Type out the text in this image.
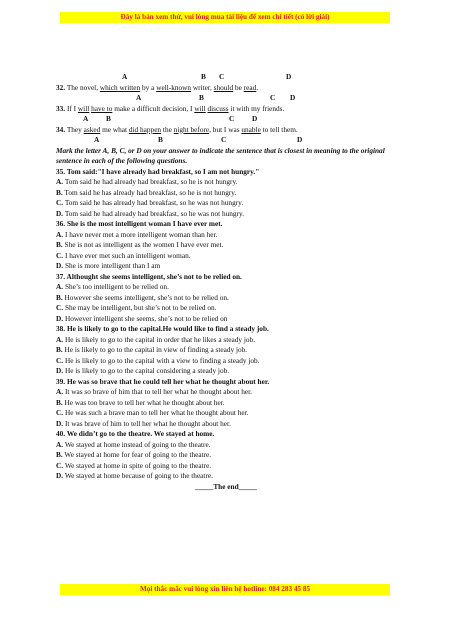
Đây là bản xem thử, vui lòng mua tài liệu để xem chi tiết (có lời giải)
A	B C	D
32. The novel, which written by a well-known writer, should be read.
A	B	C D
33. If I will have to make a difficult decision, I will discuss it with my friends.
A B	C D
34. They asked me what did happen the night before, but I was unable to tell them.
A	B	C	D
Mark the letter A, B, C, or D on your answer to indicate the sentence that is closest in meaning to the original sentence in each of the following questions.
35. Tom said:"I have already had breakfast, so I am not hungry."
A. Tom said he had already had breakfast, so he is not hungry.
B. Tom said he has already had breakfast, so he is not hungry.
C. Tom said he has already had breakfast, so he was not hungry.
D. Tom said he had already had breakfast, so he was not hungry.
36. She is the most intelligent woman I have ever met.
A. I have never met a more intelligent woman than her.
B. She is not as intelligent as the women I have ever met.
C. I have ever met such an intelligent woman.
D. She is more intelligent than I am
37. Althought she seems intelligent, she’s not to be relied on.
A. She’s too intelligent to be relied on.
B. However she seems intelligent, she’s not to be relied on.
C. She may be intelligent, but she’s not to be relied on.
D. However intelligent she seems, she’s not to be relied on
38. He is likely to go to the capital.He would like to find a steady job.
A. He is likely to go to the capital in order that he likes a steady job.
B. He is likely to go to the capital in view of finding a steady job.
C. He is likely to go to the capital with a view to finding a steady job.
D. He is likely to go to the capital considering a steady job.
39. He was so brave that he could tell her what he thought about her.
A. It was so brave of him that to tell her what he thought about her.
B. He was too brave to tell her what he thought about her.
C. He was such a brave man to tell her what he thought about her.
D. It was brave of him to tell her what he thought about her.
40. We didn’t go to the theatre. We stayed at home.
A. We stayed at home instead of going to the theatre.
B. We stayed at home for fear of going to the theatre.
C. We stayed at home in spite of going to the theatre.
D. We stayed at home because of going to the theatre.
_____The end_____
Mọi thắc mắc vui lòng xin liên hệ hotline: 084 283 45 85
